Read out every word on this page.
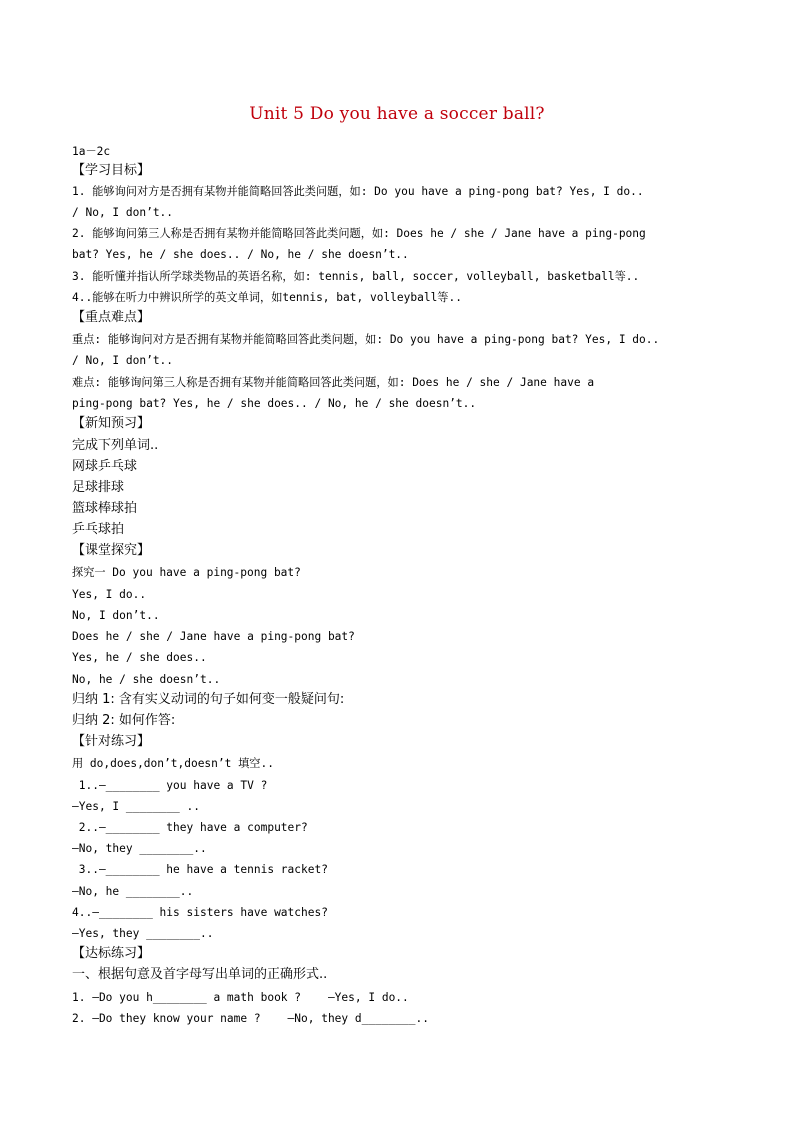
Unit 5 Do you have a soccer ball?
1a－2c
【学习目标】
1. 能够询问对方是否拥有某物并能简略回答此类问题，如: Do you have a ping-pong bat? Yes, I do..
/ No, I don’t..
2. 能够询问第三人称是否拥有某物并能简略回答此类问题，如: Does he / she / Jane have a ping-pong
bat? Yes, he / she does.. / No, he / she doesn’t..
3. 能听懂并指认所学球类物品的英语名称，如: tennis, ball, soccer, volleyball, basketball等..
4..能够在听力中辨识所学的英文单词，如tennis, bat, volleyball等..
【重点难点】
重点: 能够询问对方是否拥有某物并能简略回答此类问题，如: Do you have a ping-pong bat? Yes, I do..
/ No, I don’t..
难点: 能够询问第三人称是否拥有某物并能简略回答此类问题，如: Does he / she / Jane have a
ping-pong bat? Yes, he / she does.. / No, he / she doesn’t..
【新知预习】
完成下列单词..
网球乒乓球
足球排球
篮球棒球拍
乒乓球拍
【课堂探究】
探究一 Do you have a ping-pong bat?
Yes, I do..
No, I don’t..
Does he / she / Jane have a ping-pong bat?
Yes, he / she does..
No, he / she doesn’t..
归纳 1: 含有实义动词的句子如何变一般疑问句:
归纳 2: 如何作答:
【针对练习】
用 do,does,don’t,doesn’t 填空..
1..—________ you have a TV ?
—Yes, I ________ ..
2..—________ they have a computer?
—No, they ________..
3..—________ he have a tennis racket?
—No, he ________..
4..—________ his sisters have watches?
—Yes, they ________..
【达标练习】
一、根据句意及首字母写出单词的正确形式..
1. —Do you h________ a math book ?    —Yes, I do..
2. —Do they know your name ?    —No, they d________..
